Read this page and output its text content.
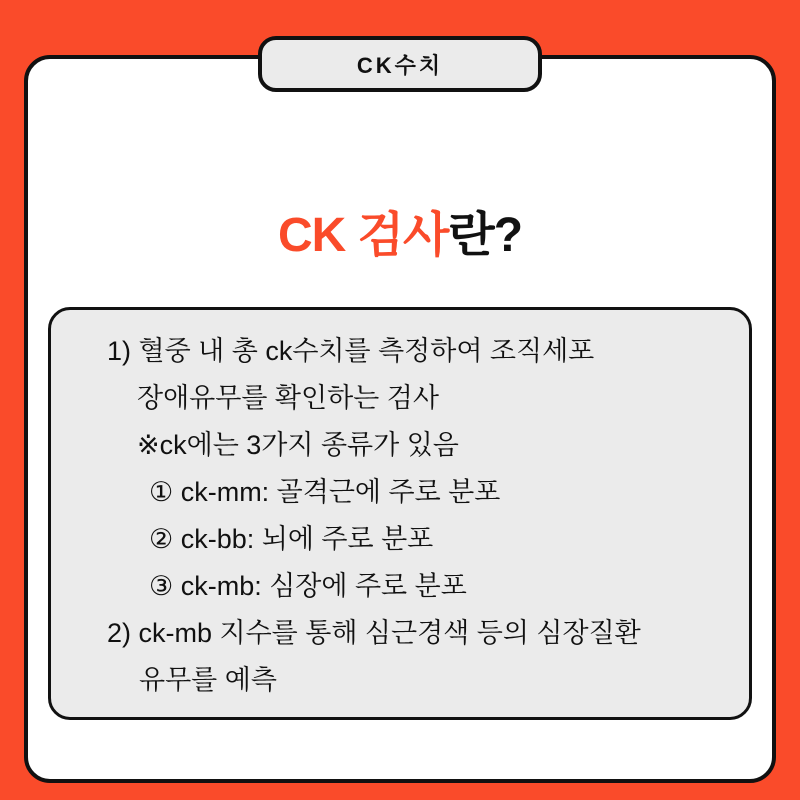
CK수치
CK 검사란?
1) 혈중 내 총 ck수치를 측정하여 조직세포
장애유무를 확인하는 검사
※ck에는 3가지 종류가 있음
① ck-mm: 골격근에 주로 분포
② ck-bb: 뇌에 주로 분포
③ ck-mb: 심장에 주로 분포
2) ck-mb 지수를 통해 심근경색 등의 심장질환
유무를 예측
